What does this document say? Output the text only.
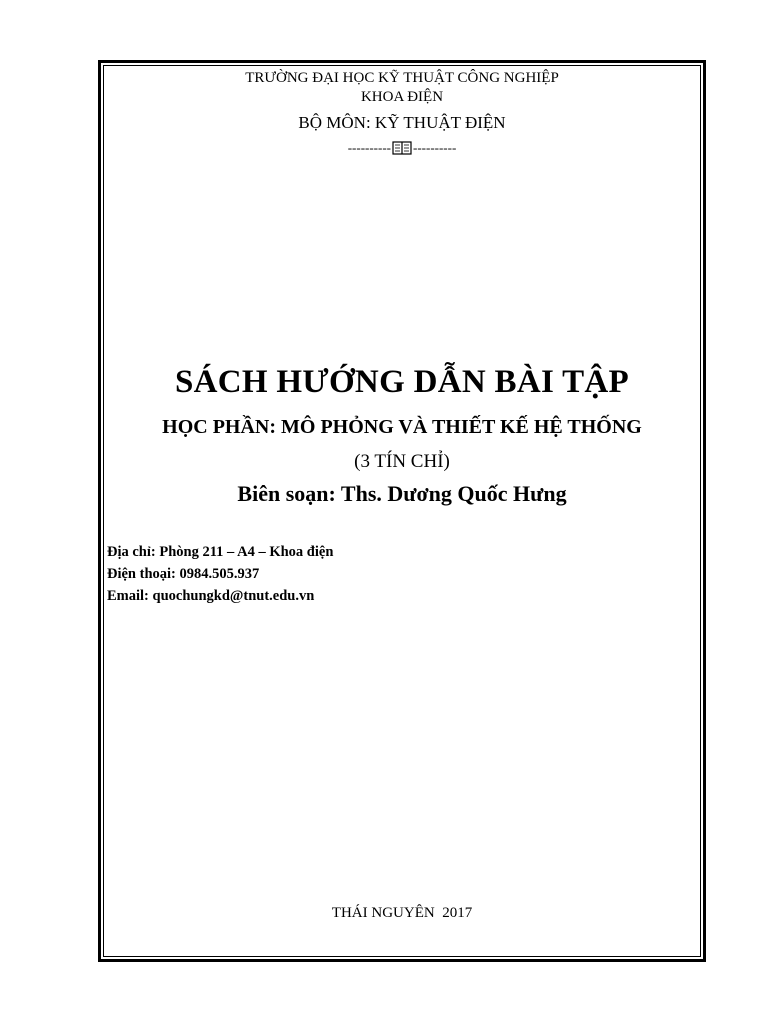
TRƯỜNG ĐẠI HỌC KỸ THUẬT CÔNG NGHIỆP
KHOA ĐIỆN
BỘ MÔN: KỸ THUẬT ĐIỆN
---------- ----------
SÁCH HƯỚNG DẪN BÀI TẬP
HỌC PHẦN: MÔ PHỎNG VÀ THIẾT KẾ HỆ THỐNG
(3 TÍN CHỈ)
Biên soạn: Ths. Dương Quốc Hưng
Địa chỉ: Phòng 211 – A4 – Khoa điện
Điện thoại: 0984.505.937
Email: quochungkd@tnut.edu.vn
THÁI NGUYÊN  2017
